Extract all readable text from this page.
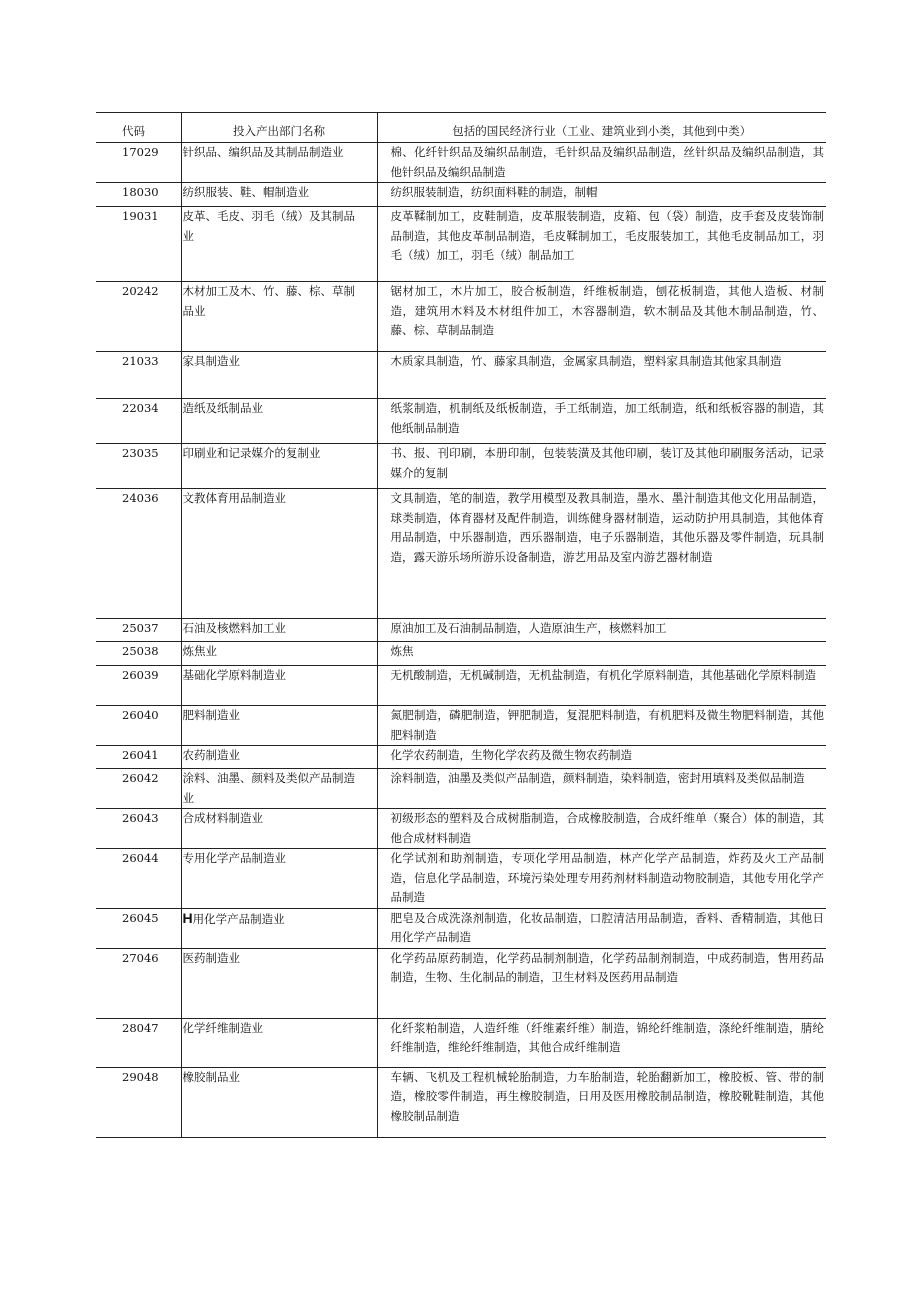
代码	投入产出部门名称	包括的国民经济行业（工业、建筑业到小类，其他到中类）
17029	针织品、编织品及其制品制造业	棉、化纤针织品及编织品制造，毛针织品及编织品制造，丝针织品及编织品制造，其他针织品及编织品制造
18030	纺织服装、鞋、帽制造业	纺织服装制造，纺织面料鞋的制造，制帽
19031	皮革、毛皮、羽毛（绒）及其制品业	皮革鞣制加工，皮鞋制造，皮革服装制造，皮箱、包（袋）制造，皮手套及皮装饰制品制造，其他皮革制品制造，毛皮鞣制加工，毛皮服装加工，其他毛皮制品加工，羽毛（绒）加工，羽毛（绒）制品加工
20242	木材加工及木、竹、藤、棕、草制品业	锯材加工，木片加工，胶合板制造，纤维板制造，刨花板制造，其他人造板、材制造，建筑用木料及木材组件加工，木容器制造，软木制品及其他木制品制造，竹、藤、棕、草制品制造
21033	家具制造业	木质家具制造，竹、藤家具制造，金属家具制造，塑料家具制造其他家具制造
22034	造纸及纸制品业	纸浆制造，机制纸及纸板制造，手工纸制造，加工纸制造，纸和纸板容器的制造，其他纸制品制造
23035	印刷业和记录媒介的复制业	书、报、刊印刷，本册印制，包装装潢及其他印刷，装订及其他印刷服务活动，记录媒介的复制
24036	文教体育用品制造业	文具制造，笔的制造，教学用模型及教具制造，墨水、墨汁制造其他文化用品制造，球类制造，体育器材及配件制造，训练健身器材制造，运动防护用具制造，其他体育用品制造，中乐器制造，西乐器制造，电子乐器制造，其他乐器及零件制造，玩具制造，露天游乐场所游乐设备制造，游艺用品及室内游艺器材制造
25037	石油及核燃料加工业	原油加工及石油制品制造，人造原油生产，核燃料加工
25038	炼焦业	炼焦
26039	基础化学原料制造业	无机酸制造，无机碱制造，无机盐制造，有机化学原料制造，其他基础化学原料制造
26040	肥料制造业	氮肥制造，磷肥制造，钾肥制造，复混肥料制造，有机肥料及微生物肥料制造，其他肥料制造
26041	农药制造业	化学农药制造，生物化学农药及微生物农药制造
26042	涂料、油墨、颜料及类似产品制造业	涂料制造，油墨及类似产品制造，颜料制造，染料制造，密封用填料及类似品制造
26043	合成材料制造业	初级形态的塑料及合成树脂制造，合成橡胶制造，合成纤维单（聚合）体的制造，其他合成材料制造
26044	专用化学产品制造业	化学试剂和助剂制造，专项化学用品制造，林产化学产品制造，炸药及火工产品制造，信息化学品制造，环境污染处理专用药剂材料制造动物胶制造，其他专用化学产品制造
26045	H用化学产品制造业	肥皂及合成洗涤剂制造，化妆品制造，口腔清洁用品制造，香料、香精制造，其他日用化学产品制造
27046	医药制造业	化学药品原药制造，化学药品制剂制造，化学药品制剂制造，中成药制造，售用药品制造，生物、生化制品的制造，卫生材料及医药用品制造
28047	化学纤维制造业	化纤浆粕制造，人造纤维（纤维素纤维）制造，锦纶纤维制造，涤纶纤维制造，腈纶纤维制造，维纶纤维制造，其他合成纤维制造
29048	橡胶制品业	车辆、飞机及工程机械轮胎制造，力车胎制造，轮胎翻新加工，橡胶板、管、带的制造，橡胶零件制造，再生橡胶制造，日用及医用橡胶制品制造，橡胶靴鞋制造，其他橡胶制品制造
